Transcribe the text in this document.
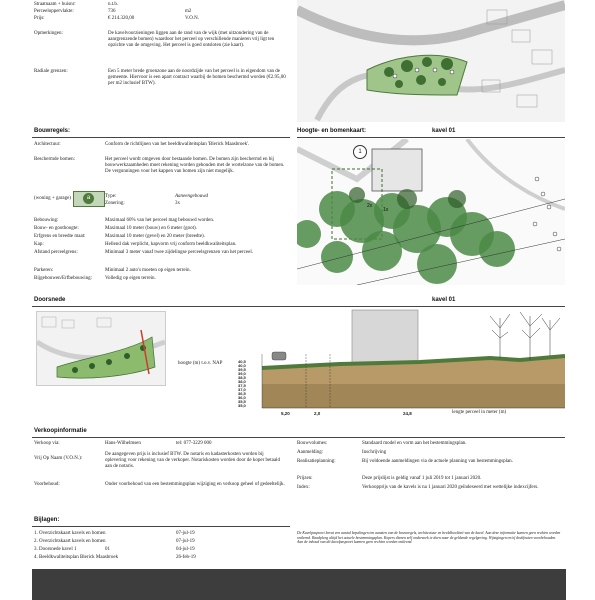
Straatnaam + huisnr:	n.t.b.
Perceeloppervlakte:	736	m2
Prijs:	€ 214.320,00	V.O.N.
Opmerkingen:	De kavelvoorzieningen liggen aan de rand van de wijk (met uitzondering van de aanrgrenzende bomen) waardoor het perceel op verschillende manieren vrij ligt ten opzichte van de omgeving. Het perceel is goed ontsloten (zie kaart).
Radiale grenzen:	Een 5 meter brede groenzone aan de noordzijde van het perceel is in eigendom van de gemeente. Hiervoor is een apart contract waarbij de bomen beschermd worden (€2.95,00 per m2 inclusief BTW).
Bouwregels:
Architectuur:	Conform de richtlijnen van het beeldkwaliteitsplan 'Blerick Maasbroek'.
Beschermde bomen:	Het perceel wordt omgeven door bestaande bomen. De bomen zijn beschermd en bij bouwwerkzaamheden moet rekening worden gehouden met de wortelzone van de bomen. De vergunningen voor het kappen van bomen zijn niet mogelijk.
(woning + garage)	a	Type:	Aaneengebouwd
Zonering:	3x
Bebouwing:	Maximaal 60% van het perceel mag bebouwd worden.
Bouw- en goothoogte:	Maximaal 10 meter (bouw) en 6 meter (goot).
Erfgrens en breedte maat:	Maximaal 10 meter (gevel) en 20 meter (breedte).
Kap:	Hellend dak verplicht, kapvorm vrij conform beeldkwaliteitsplan.
Afstand perceelgrens:	Minimaal 3 meter vanaf twee zijdelingse perceelsgrenzen van het perceel.
Parkeren:	Minimaal 2 auto's moeten op eigen terrein.
Bijgebouwen/Erfbebouwing:	Volledig op eigen terrein.
Hoogte- en bomenkaart:	kavel 01
1
2x
1x
Doorsnede	kavel 01
hoogte (m) t.o.v. NAP	40,5
40,0
39,5
39,0
38,5
38,0
37,5
37,0
36,5
36,0
35,5
35,0
5,20	2,0	24,8	lengte perceel in meter (m)
Verkoopinformatie
Verkoop via:	Hans-Wilhelmsen	tel: 077-3229 000
Vrij Op Naam (V.O.N.):
De aangegeven prijs is inclusief BTW. De notaris en kadasterkosten worden bij oplevering voor rekening van de verkoper. Notariskosten worden door de koper betaald aan de notaris.
Voorbehoud:	Onder voorbehoud van een bestemmingsplan wijziging en verkoop geheel of gedeeltelijk.
Bouwvolumes:	Standaard model en vorm aan het bestemmingsplan.
Aanmelding:	Inschrijving
Realisatieplanning:	Bij voldoende aanmeldingen via de actuele planning van bestemmingsplan.
Prijzen:	Deze prijslijst is geldig vanaf 1 juli 2019 tot 1 januari 2020.
Index:	Verkoopprijs van de kavels is na 1 januari 2020 geïndexeerd met wettelijke indexcijfers.
Bijlagen:
1. Overzichtskaart kavels en bomen	07-jul-19
2. Overzichtskaart kavels en bomen	07-jul-19
3. Doorsnede kavel 1	01	04-jul-19
4. Beeldkwaliteitsplan Blerick Maasbroek	26-feb-19
De Kavelpaspoort bevat een aantal bepalingen ten aanzien van de bouwregels, architectuur en beeldkwaliteit van de kavel. Aan deze informatie kunnen geen rechten worden ontleend. Raadpleeg altijd het actuele bestemmingsplan. Kopers dienen zelf onderzoek te doen naar de geldende regelgeving. Wijzigingen en/of drukfouten voorbehouden. Aan de inhoud van dit kavelpaspoort kunnen geen rechten worden ontleend.
